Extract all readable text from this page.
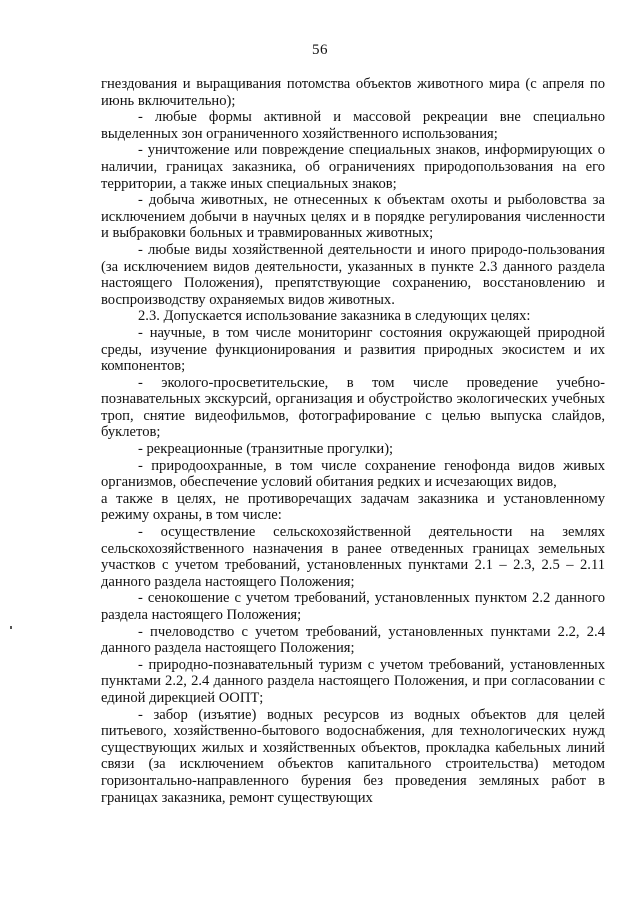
56

гнездования и выращивания потомства объектов животного мира (с апреля по июнь включительно);

- любые формы активной и массовой рекреации вне специально выделенных зон ограниченного хозяйственного использования;

- уничтожение или повреждение специальных знаков, информирующих о наличии, границах заказника, об ограничениях природопользования на его территории, а также иных специальных знаков;

- добыча животных, не отнесенных к объектам охоты и рыболовства за исключением добычи в научных целях и в порядке регулирования численности и выбраковки больных и травмированных животных;

- любые виды хозяйственной деятельности и иного природо-пользования (за исключением видов деятельности, указанных в пункте 2.3 данного раздела настоящего Положения), препятствующие сохранению, восстановлению и воспроизводству охраняемых видов животных.

2.3. Допускается использование заказника в следующих целях:

- научные, в том числе мониторинг состояния окружающей природной среды, изучение функционирования и развития природных экосистем и их компонентов;

- эколого-просветительские, в том числе проведение учебно-познавательных экскурсий, организация и обустройство экологических учебных троп, снятие видеофильмов, фотографирование с целью выпуска слайдов, буклетов;

- рекреационные (транзитные прогулки);

- природоохранные, в том числе сохранение генофонда видов живых организмов, обеспечение условий обитания редких и исчезающих видов,

а также в целях, не противоречащих задачам заказника и установленному режиму охраны, в том числе:

- осуществление сельскохозяйственной деятельности на землях сельскохозяйственного назначения в ранее отведенных границах земельных участков с учетом требований, установленных пунктами 2.1 – 2.3, 2.5 – 2.11 данного раздела настоящего Положения;

- сенокошение с учетом требований, установленных пунктом 2.2 данного раздела настоящего Положения;

- пчеловодство с учетом требований, установленных пунктами 2.2, 2.4 данного раздела настоящего Положения;

- природно-познавательный туризм с учетом требований, установленных пунктами 2.2, 2.4 данного раздела настоящего Положения, и при согласовании с единой дирекцией ООПТ;

- забор (изъятие) водных ресурсов из водных объектов для целей питьевого, хозяйственно-бытового водоснабжения, для технологических нужд существующих жилых и хозяйственных объектов, прокладка кабельных линий связи (за исключением объектов капитального строительства) методом горизонтально-направленного бурения без проведения земляных работ в границах заказника, ремонт существующих
